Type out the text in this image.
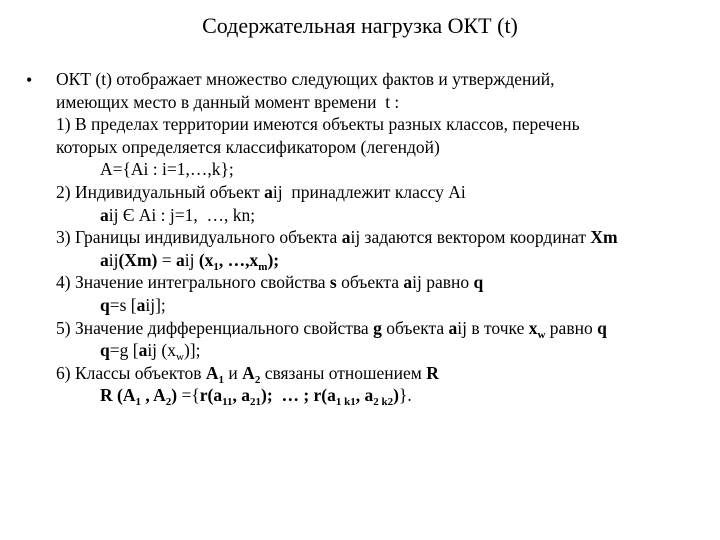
Содержательная нагрузка ОКТ (t)
• ОКТ (t) отображает множество следующих фактов и утверждений,
имеющих место в данный момент времени  t :
1) В пределах территории имеются объекты разных классов, перечень
которых определяется классификатором (легендой)
А={Ai : i=1,…,k};
2) Индивидуальный объект aij  принадлежит классу Ai
aij Є Ai : j=1,  …, kn;
3) Границы индивидуального объекта aij задаются вектором координат Xm
aij(Xm) = aij ($x_1$, $\dots,x_m$);
4) Значение интегрального свойства s объекта aij равно q
q=s [aij];
5) Значение дифференциального свойства g объекта aij в точке $x_w$ равно q
q=g [aij $(x_w)$];
6) Классы объектов $A_1$ и $A_2$ связаны отношением R
R ($A_1$ , $A_2) =\{r(a_{11}$, $a_{21}$);  … ; $r(a_{1 k1}$, $a_{2 k2}$)}.
